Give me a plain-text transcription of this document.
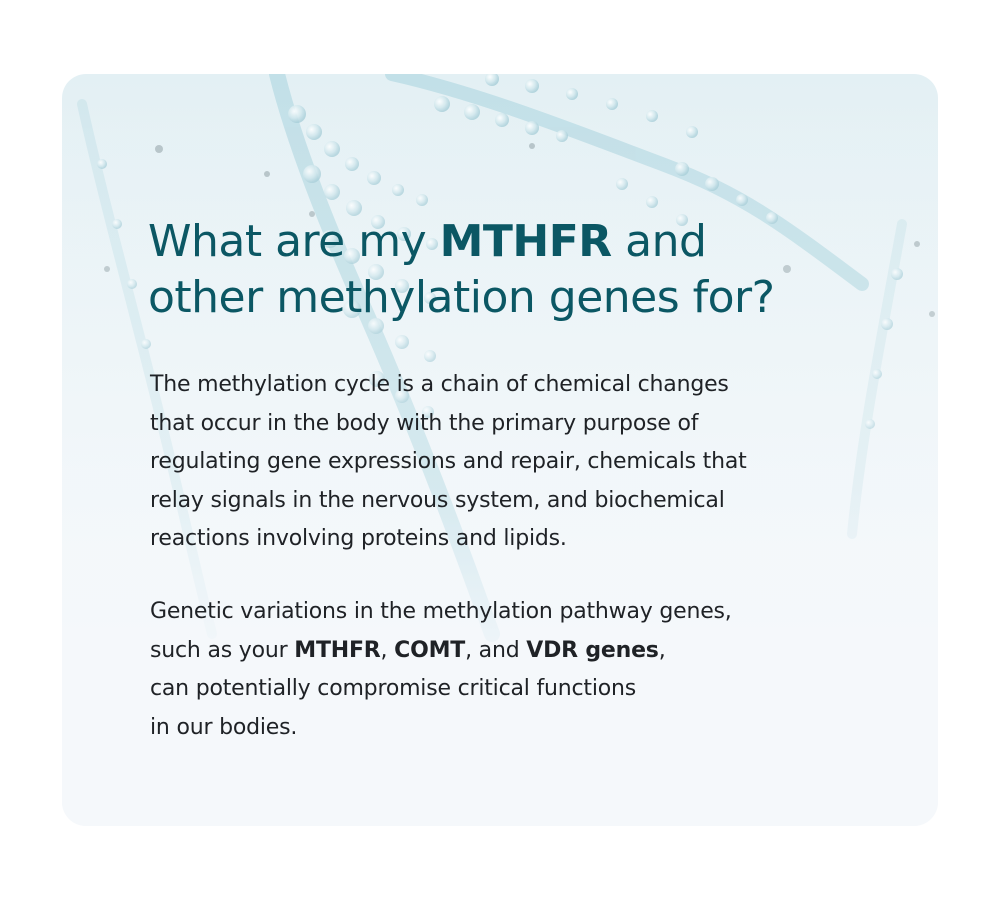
What are my MTHFR and
other methylation genes for?

The methylation cycle is a chain of chemical changes
that occur in the body with the primary purpose of
regulating gene expressions and repair, chemicals that
relay signals in the nervous system, and biochemical
reactions involving proteins and lipids.

Genetic variations in the methylation pathway genes,
such as your MTHFR, COMT, and VDR genes,
can potentially compromise critical functions
in our bodies.
